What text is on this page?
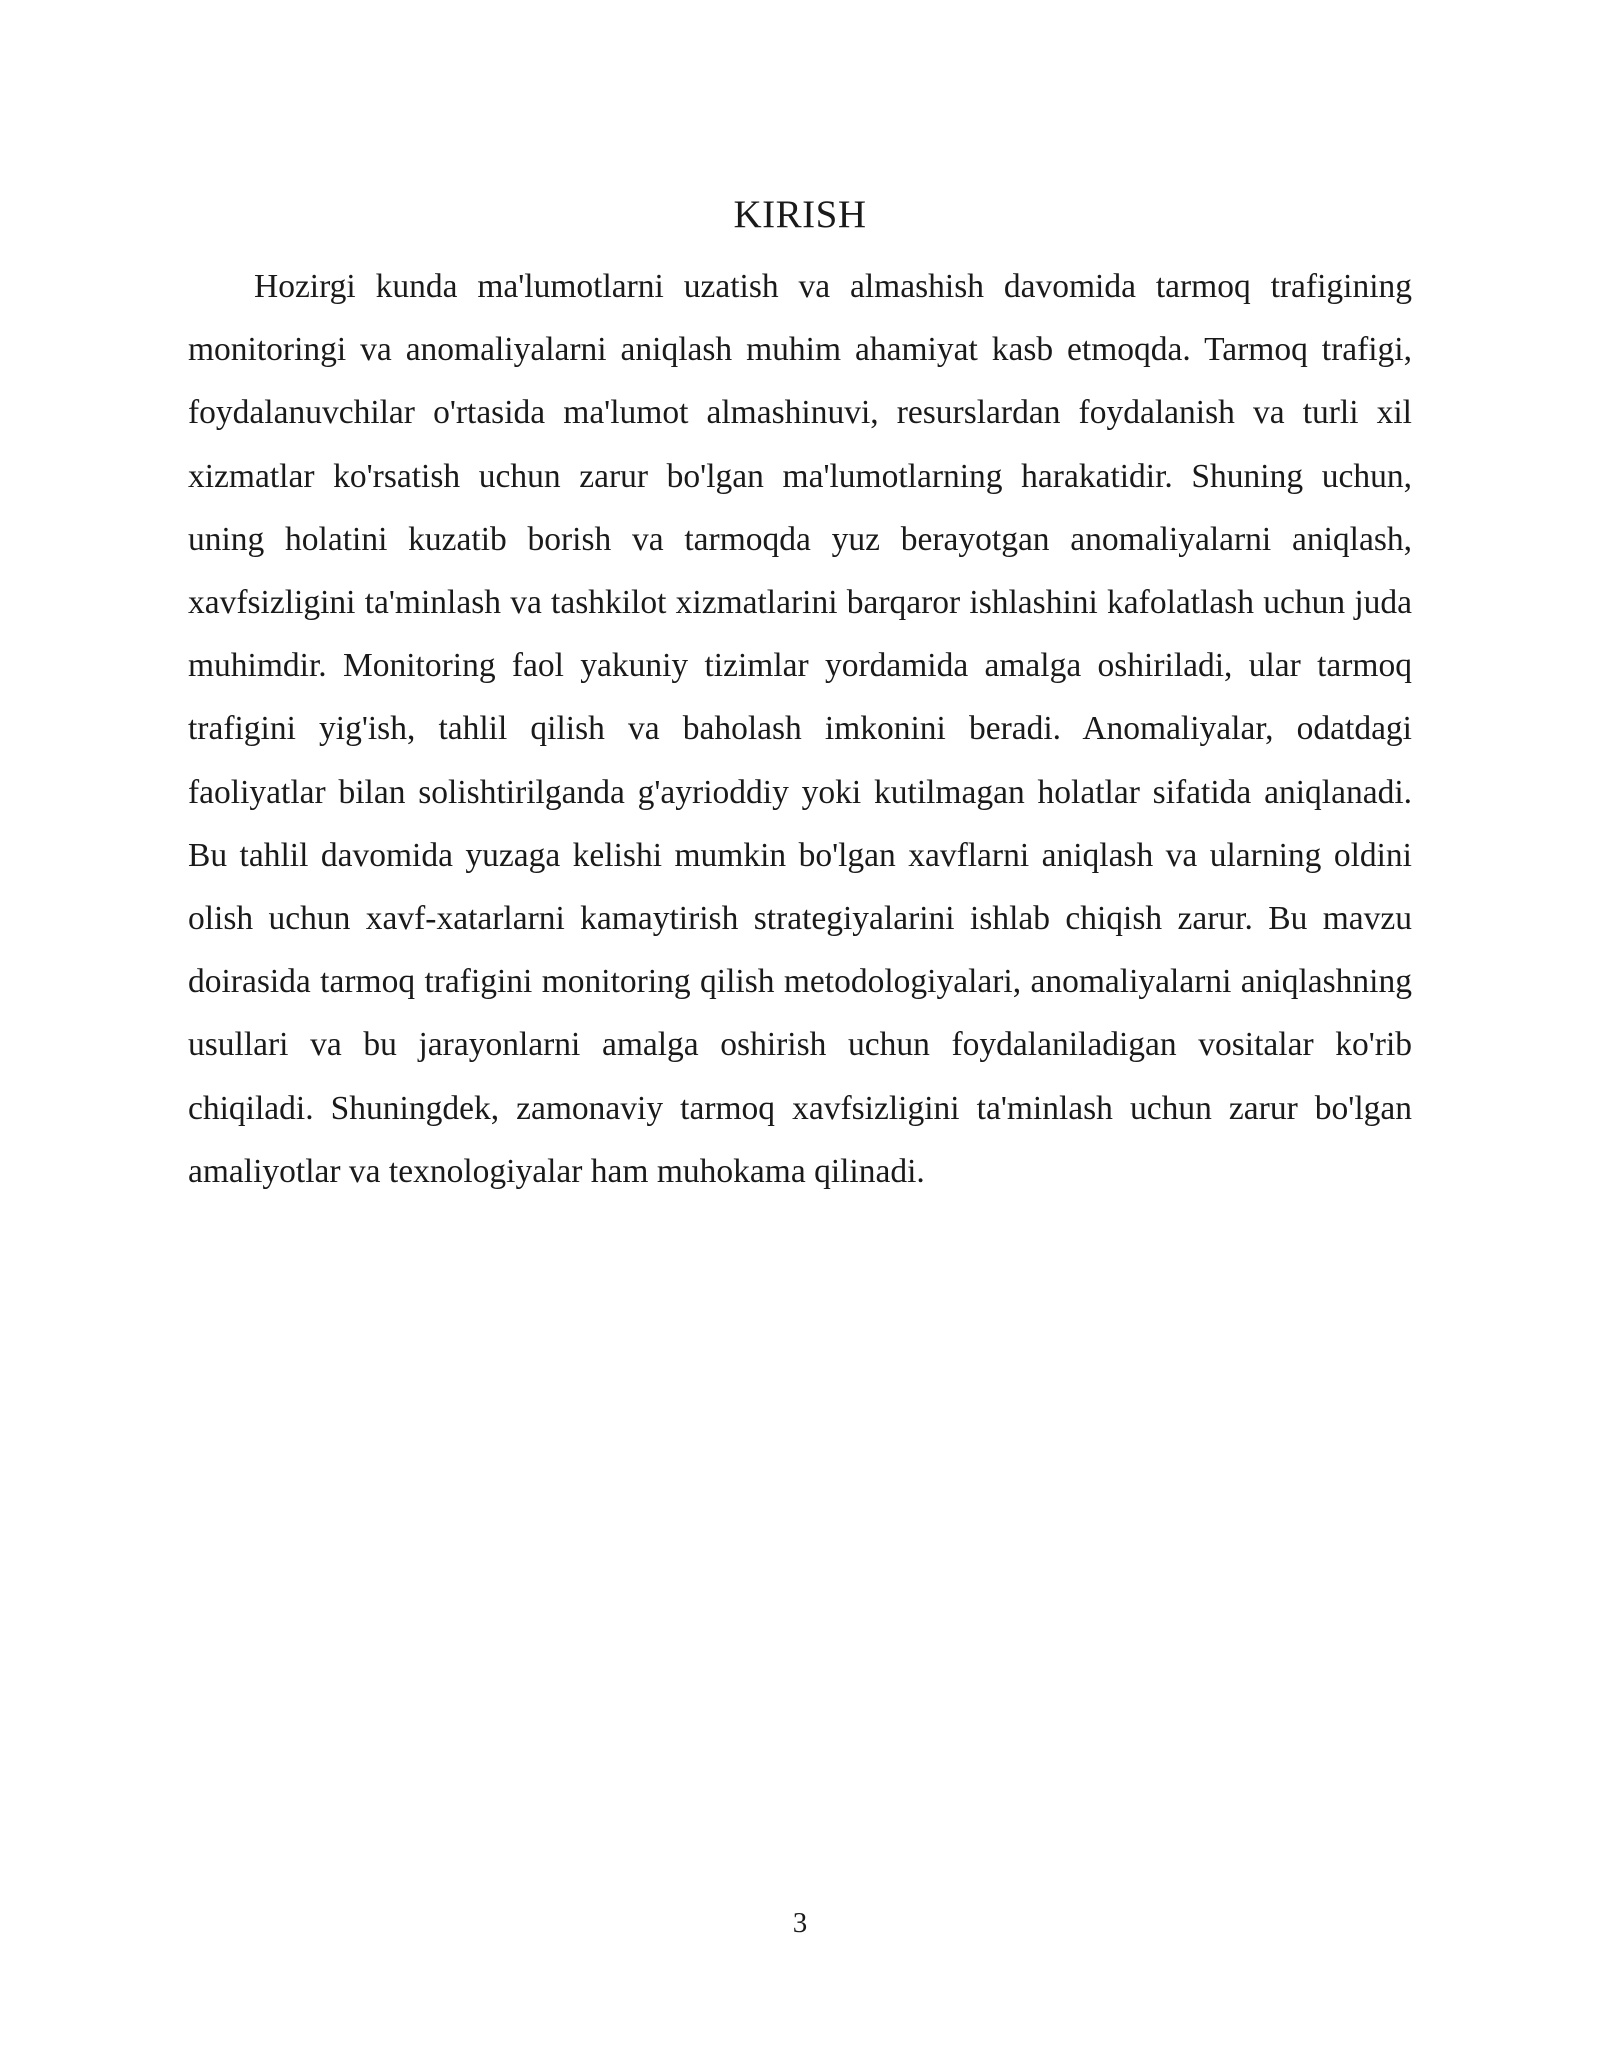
KIRISH

Hozirgi kunda ma'lumotlarni uzatish va almashish davomida tarmoq trafigining monitoringi va anomaliyalarni aniqlash muhim ahamiyat kasb etmoqda. Tarmoq trafigi, foydalanuvchilar o'rtasida ma'lumot almashinuvi, resurslardan foydalanish va turli xil xizmatlar ko'rsatish uchun zarur bo'lgan ma'lumotlarning harakatidir. Shuning uchun, uning holatini kuzatib borish va tarmoqda yuz berayotgan anomaliyalarni aniqlash, xavfsizligini ta'minlash va tashkilot xizmatlarini barqaror ishlashini kafolatlash uchun juda muhimdir. Monitoring faol yakuniy tizimlar yordamida amalga oshiriladi, ular tarmoq trafigini yig'ish, tahlil qilish va baholash imkonini beradi. Anomaliyalar, odatdagi faoliyatlar bilan solishtirilganda g'ayrioddiy yoki kutilmagan holatlar sifatida aniqlanadi. Bu tahlil davomida yuzaga kelishi mumkin bo'lgan xavflarni aniqlash va ularning oldini olish uchun xavf-xatarlarni kamaytirish strategiyalarini ishlab chiqish zarur. Bu mavzu doirasida tarmoq trafigini monitoring qilish metodologiyalari, anomaliyalarni aniqlashning usullari va bu jarayonlarni amalga oshirish uchun foydalaniladigan vositalar ko'rib chiqiladi. Shuningdek, zamonaviy tarmoq xavfsizligini ta'minlash uchun zarur bo'lgan amaliyotlar va texnologiyalar ham muhokama qilinadi.

3
